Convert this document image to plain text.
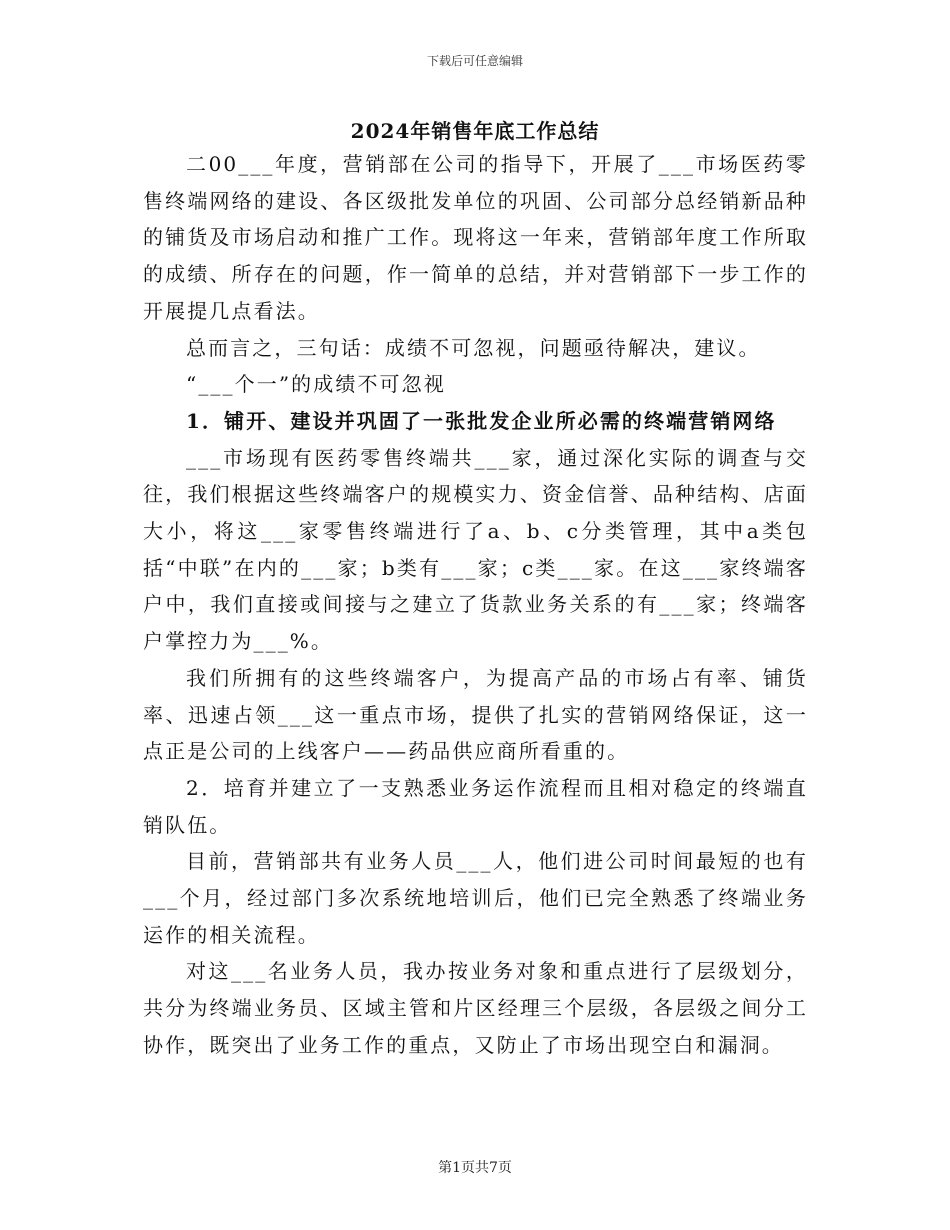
下载后可任意编辑
2024年销售年底工作总结

二00___年度，营销部在公司的指导下，开展了___市场医药零售终端网络的建设、各区级批发单位的巩固、公司部分总经销新品种的铺货及市场启动和推广工作。现将这一年来，营销部年度工作所取的成绩、所存在的问题，作一简单的总结，并对营销部下一步工作的开展提几点看法。

总而言之，三句话：成绩不可忽视，问题亟待解决，建议。

“___个一”的成绩不可忽视

1．铺开、建设并巩固了一张批发企业所必需的终端营销网络

___市场现有医药零售终端共___家，通过深化实际的调查与交往，我们根据这些终端客户的规模实力、资金信誉、品种结构、店面大小，将这___家零售终端进行了a、b、c分类管理，其中a类包括“中联”在内的___家；b类有___家；c类___家。在这___家终端客户中，我们直接或间接与之建立了货款业务关系的有___家；终端客户掌控力为___%。

我们所拥有的这些终端客户，为提高产品的市场占有率、铺货率、迅速占领___这一重点市场，提供了扎实的营销网络保证，这一点正是公司的上线客户——药品供应商所看重的。

2．培育并建立了一支熟悉业务运作流程而且相对稳定的终端直销队伍。

目前，营销部共有业务人员___人，他们进公司时间最短的也有___个月，经过部门多次系统地培训后，他们已完全熟悉了终端业务运作的相关流程。

对这___名业务人员，我办按业务对象和重点进行了层级划分，共分为终端业务员、区域主管和片区经理三个层级，各层级之间分工协作，既突出了业务工作的重点，又防止了市场出现空白和漏洞。

第1页共7页
